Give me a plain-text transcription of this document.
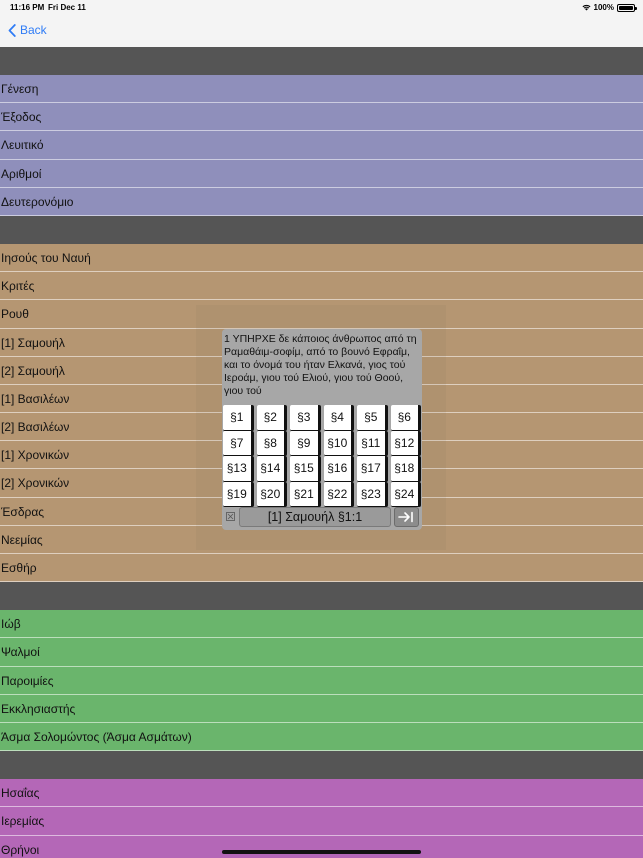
11:16 PM Fri Dec 11	100%
Back
Γένεση
Έξοδος
Λευιτικό
Αριθμοί
Δευτερονόμιο
Ιησούς του Ναυή
Κριτές
Ρουθ
[1] Σαμουήλ
[2] Σαμουήλ
[1] Βασιλέων
[2] Βασιλέων
[1] Χρονικών
[2] Χρονικών
Έσδρας
Νεεμίας
Εσθήρ
Ιώβ
Ψαλμοί
Παροιμίες
Εκκλησιαστής
Άσμα Σολομώντος (Άσμα Ασμάτων)
Ησαΐας
Ιερεμίας
Θρήνοι
1 ΥΠΗΡΧΕ δε κάποιος άνθρωπος από τη Ραμαθάιμ-σοφίμ, από το βουνό Εφραΐμ, και το όνομά του ήταν Ελκανά, γιος τού Ιεροάμ, γιου τού Ελιού, γιου τού Θοού, γιου τού
§1	§2	§3	§4	§5	§6
§7	§8	§9	§10	§11	§12
§13	§14	§15	§16	§17	§18
§19	§20	§21	§22	§23	§24
[1] Σαμουήλ §1:1
